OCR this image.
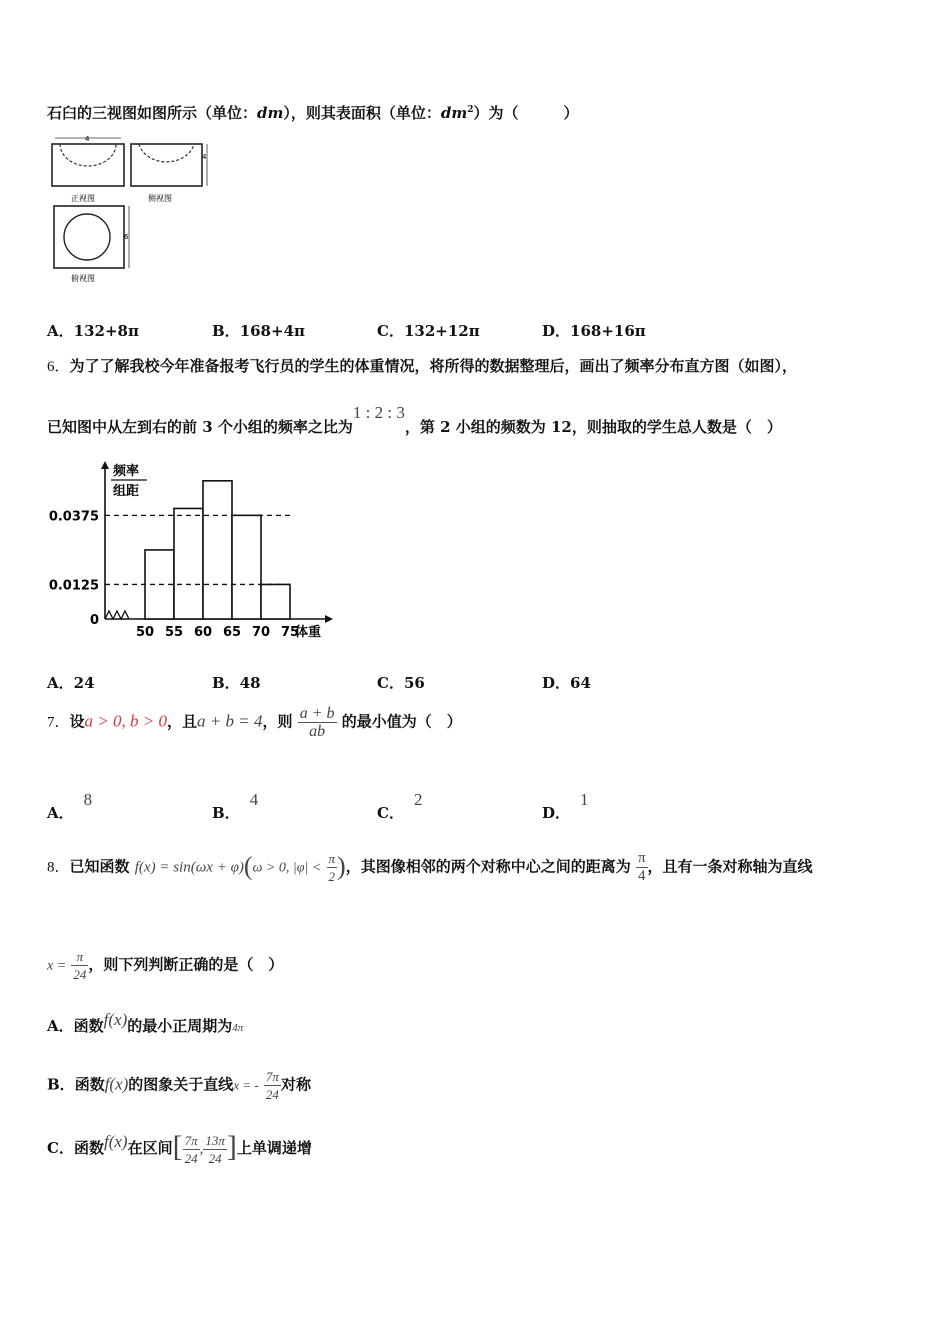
石臼的三视图如图所示（单位：dm），则其表面积（单位：$dm^2$）为（　　　）
4
正视图
4
侧视图
6
俯视图
A．132+8π	B．168+4π	C．132+12π	D．168+16π
6．为了了解我校今年准备报考飞行员的学生的体重情况，将所得的数据整理后，画出了频率分布直方图（如图），
已知图中从左到右的前 3 个小组的频率之比为1 : 2 : 3，第 2 小组的频数为 12，则抽取的学生总人数是（　）
0
0.0125
0.0375
50 55 60 65 70 75
体重
频率
组距
A．24	B．48	C．56	D．64
7．设a > 0, b > 0，且a + b = 4，则 $\frac{a + b}{ab}$ 的最小值为（　）
A．8
B．4
C．2
D．1
8．已知函数 f(x) = sin(ωx + φ)(ω > 0, $|\varphi| < \frac{\pi}{2}$ )，其图像相邻的两个对称中心之间的距离为 $\frac{\pi}{4}$ ，且有一条对称轴为直线
$x = \frac{\pi}{24}$ ，则下列判断正确的是（　）
A．函数f(x)的最小正周期为4π
B．函数f(x)的图象关于直线x = - $\frac{7\pi}{24}$ 对称
C．函数f(x)在区间[ $\frac{7\pi}{24}$ , $\frac{13\pi}{24}$ ]上单调递增
